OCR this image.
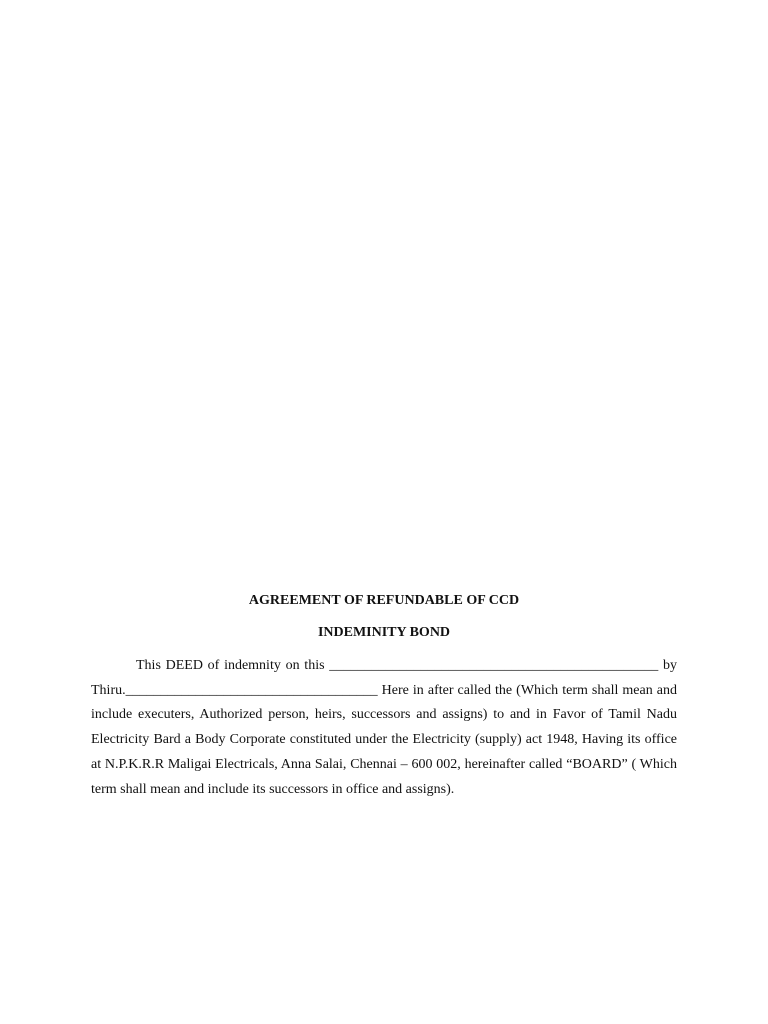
AGREEMENT OF REFUNDABLE OF CCD
INDEMINITY BOND

This DEED of indemnity on this _______________________________________________ by Thiru.____________________________________ Here in after called the (Which term shall mean and include executers, Authorized person, heirs, successors and assigns) to and in Favor of Tamil Nadu Electricity Bard a Body Corporate constituted under the Electricity (supply) act 1948, Having its office at N.P.K.R.R Maligai Electricals, Anna Salai, Chennai – 600 002, hereinafter called “BOARD” ( Which term shall mean and include its successors in office and assigns).
